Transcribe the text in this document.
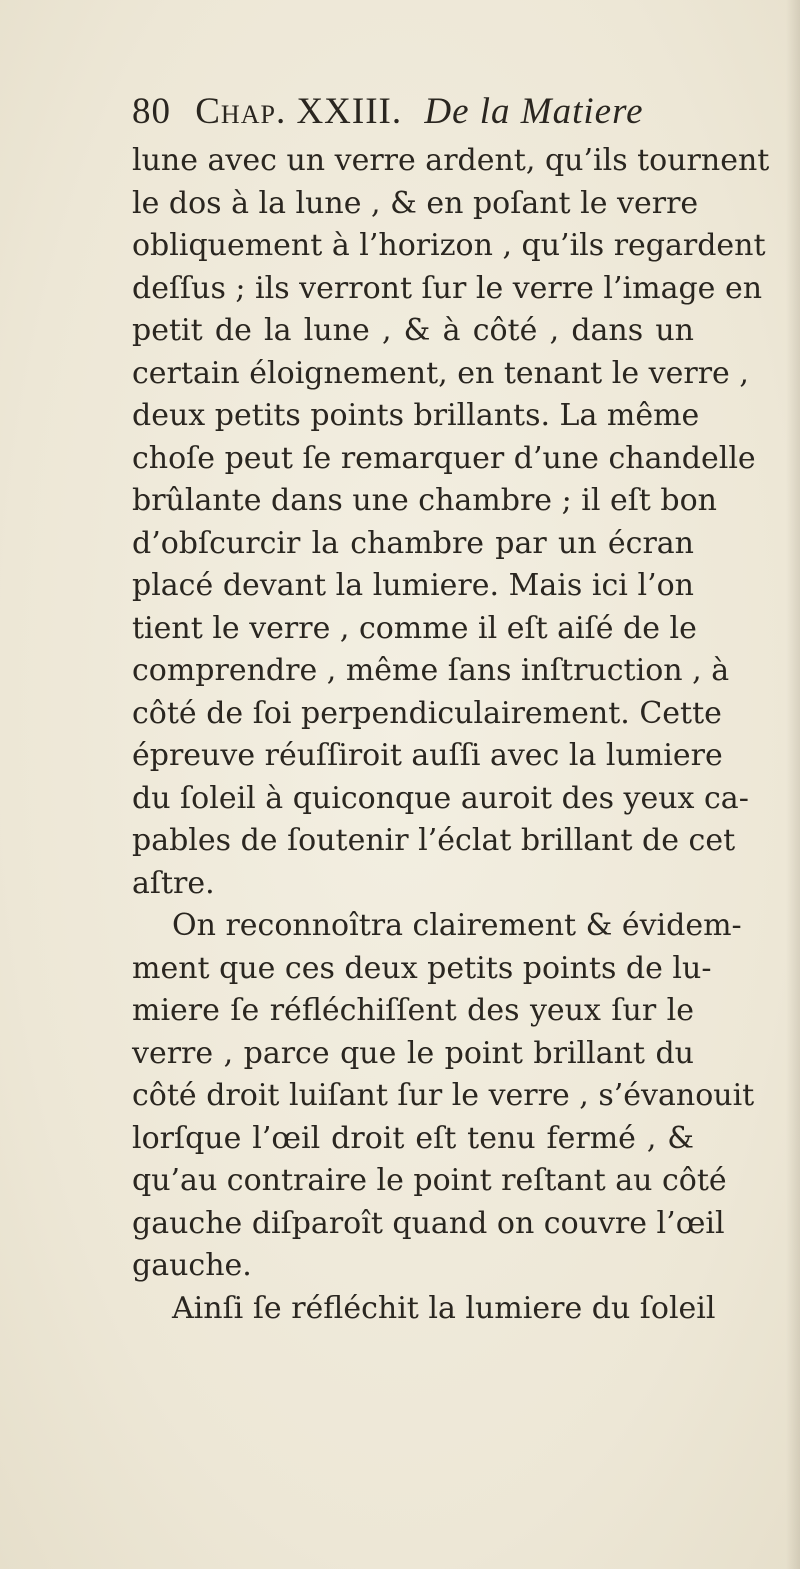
80 Chap. XXIII. De la Matiere
lune avec un verre ardent, qu’ils tournent
le dos à la lune , & en poſant le verre
obliquement à l’horizon , qu’ils regardent
deſſus ; ils verront ſur le verre l’image en
petit de la lune , & à côté , dans un
certain éloignement, en tenant le verre ,
deux petits points brillants. La même
choſe peut ſe remarquer d’une chandelle
brûlante dans une chambre ; il eſt bon
d’obſcurcir la chambre par un écran
placé devant la lumiere. Mais ici l’on
tient le verre , comme il eſt aiſé de le
comprendre , même ſans inſtruction , à
côté de ſoi perpendiculairement. Cette
épreuve réuſſiroit auſſi avec la lumiere
du ſoleil à quiconque auroit des yeux ca-
pables de ſoutenir l’éclat brillant de cet
aſtre.
On reconnoîtra clairement & évidem-
ment que ces deux petits points de lu-
miere ſe réfléchiſſent des yeux ſur le
verre , parce que le point brillant du
côté droit luiſant ſur le verre , s’évanouit
lorſque l’œil droit eſt tenu fermé , &
qu’au contraire le point reſtant au côté
gauche diſparoît quand on couvre l’œil
gauche.
Ainſi ſe réfléchit la lumiere du ſoleil
